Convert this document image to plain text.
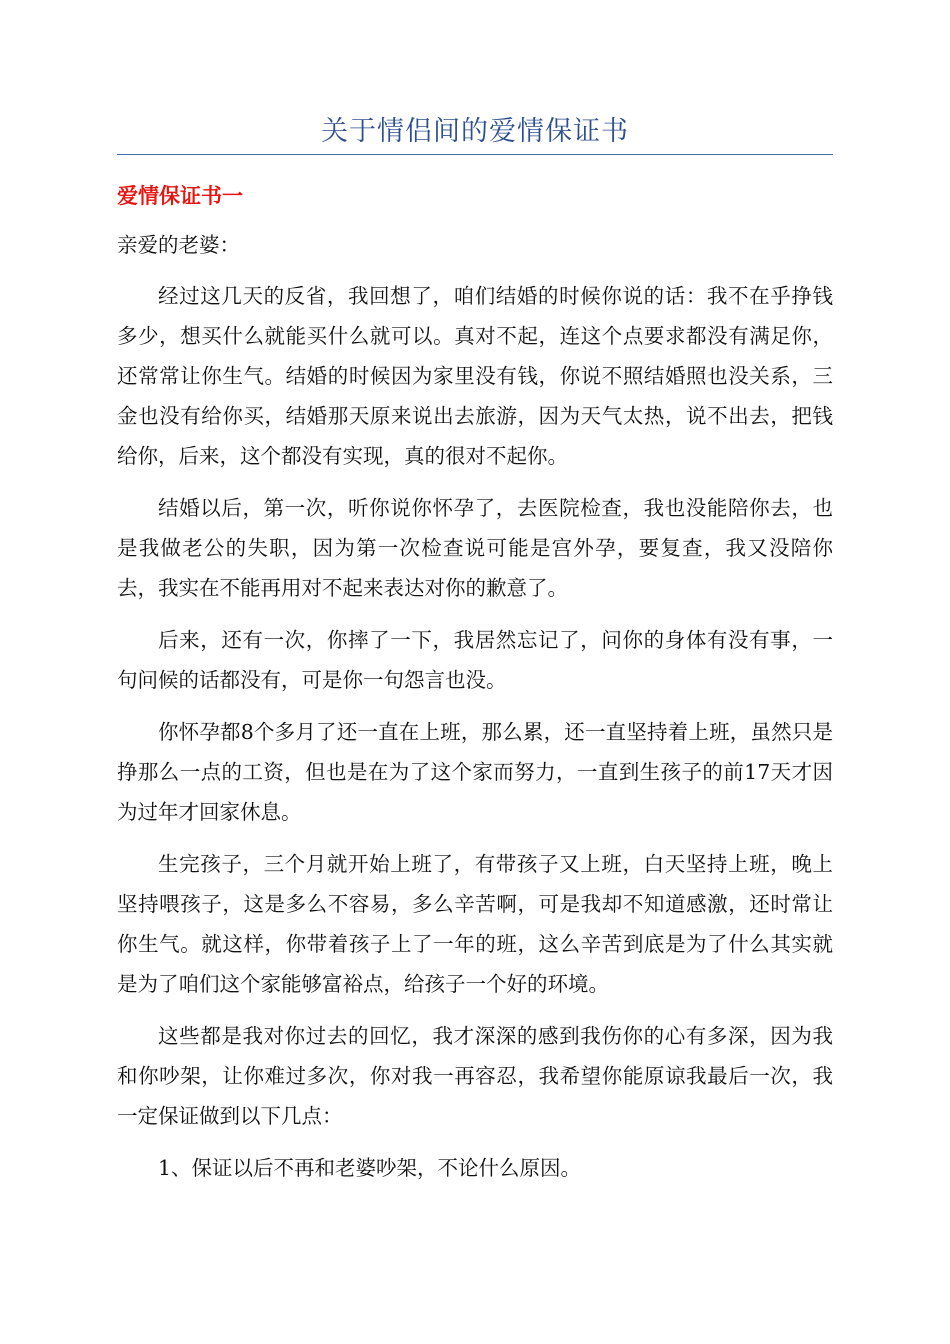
关于情侣间的爱情保证书
爱情保证书一
亲爱的老婆：

经过这几天的反省，我回想了，咱们结婚的时候你说的话：我不在乎挣钱多少，想买什么就能买什么就可以。真对不起，连这个点要求都没有满足你，还常常让你生气。结婚的时候因为家里没有钱，你说不照结婚照也没关系，三金也没有给你买，结婚那天原来说出去旅游，因为天气太热，说不出去，把钱给你，后来，这个都没有实现，真的很对不起你。

结婚以后，第一次，听你说你怀孕了，去医院检查，我也没能陪你去，也是我做老公的失职，因为第一次检查说可能是宫外孕，要复查，我又没陪你去，我实在不能再用对不起来表达对你的歉意了。

后来，还有一次，你摔了一下，我居然忘记了，问你的身体有没有事，一句问候的话都没有，可是你一句怨言也没。

你怀孕都8个多月了还一直在上班，那么累，还一直坚持着上班，虽然只是挣那么一点的工资，但也是在为了这个家而努力，一直到生孩子的前17天才因为过年才回家休息。

生完孩子，三个月就开始上班了，有带孩子又上班，白天坚持上班，晚上坚持喂孩子，这是多么不容易，多么辛苦啊，可是我却不知道感激，还时常让你生气。就这样，你带着孩子上了一年的班，这么辛苦到底是为了什么其实就是为了咱们这个家能够富裕点，给孩子一个好的环境。

这些都是我对你过去的回忆，我才深深的感到我伤你的心有多深，因为我和你吵架，让你难过多次，你对我一再容忍，我希望你能原谅我最后一次，我一定保证做到以下几点：

1、保证以后不再和老婆吵架，不论什么原因。
